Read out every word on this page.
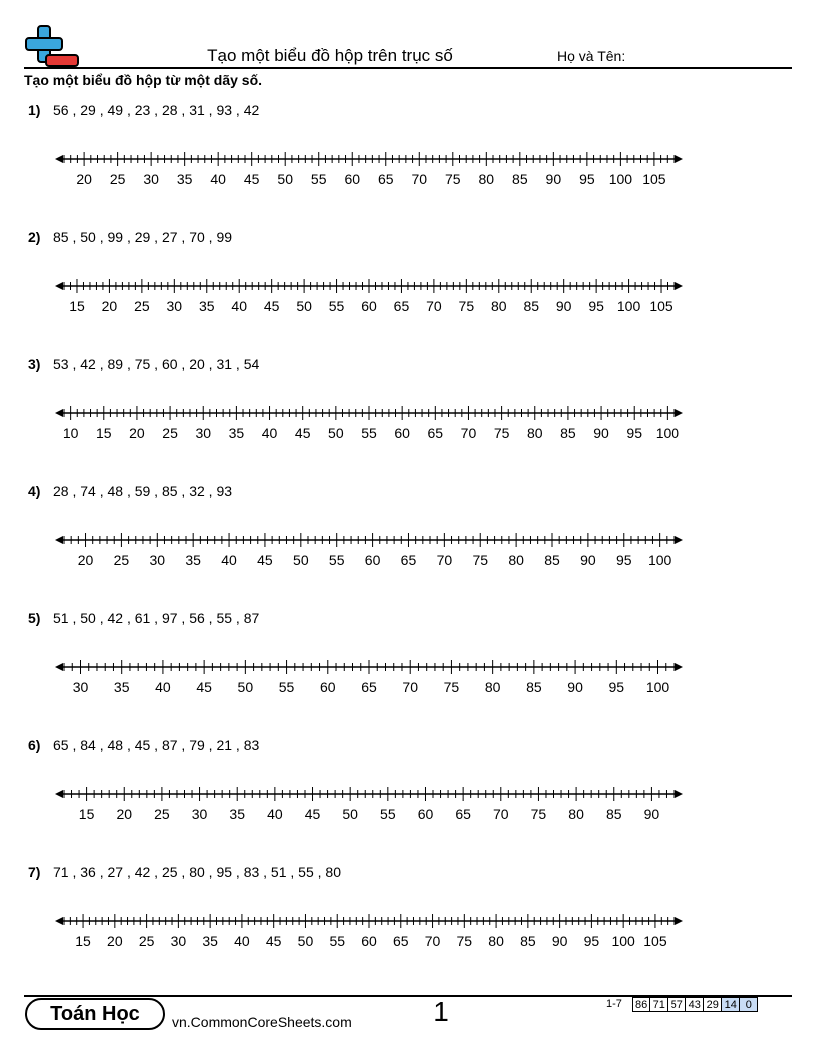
Tạo một biểu đồ hộp trên trục số	Họ và Tên:
Tạo một biểu đồ hộp từ một dãy số.
1) 56 , 29 , 49 , 23 , 28 , 31 , 93 , 42
20 25 30 35 40 45 50 55 60 65 70 75 80 85 90 95 100 105
2) 85 , 50 , 99 , 29 , 27 , 70 , 99
15 20 25 30 35 40 45 50 55 60 65 70 75 80 85 90 95 100 105
3) 53 , 42 , 89 , 75 , 60 , 20 , 31 , 54
10 15 20 25 30 35 40 45 50 55 60 65 70 75 80 85 90 95 100
4) 28 , 74 , 48 , 59 , 85 , 32 , 93
20 25 30 35 40 45 50 55 60 65 70 75 80 85 90 95 100
5) 51 , 50 , 42 , 61 , 97 , 56 , 55 , 87
30 35 40 45 50 55 60 65 70 75 80 85 90 95 100
6) 65 , 84 , 48 , 45 , 87 , 79 , 21 , 83
15 20 25 30 35 40 45 50 55 60 65 70 75 80 85 90
7) 71 , 36 , 27 , 42 , 25 , 80 , 95 , 83 , 51 , 55 , 80
15 20 25 30 35 40 45 50 55 60 65 70 75 80 85 90 95 100 105
Toán Học	vn.CommonCoreSheets.com	1	1-7 86 71 57 43 29 14 0
